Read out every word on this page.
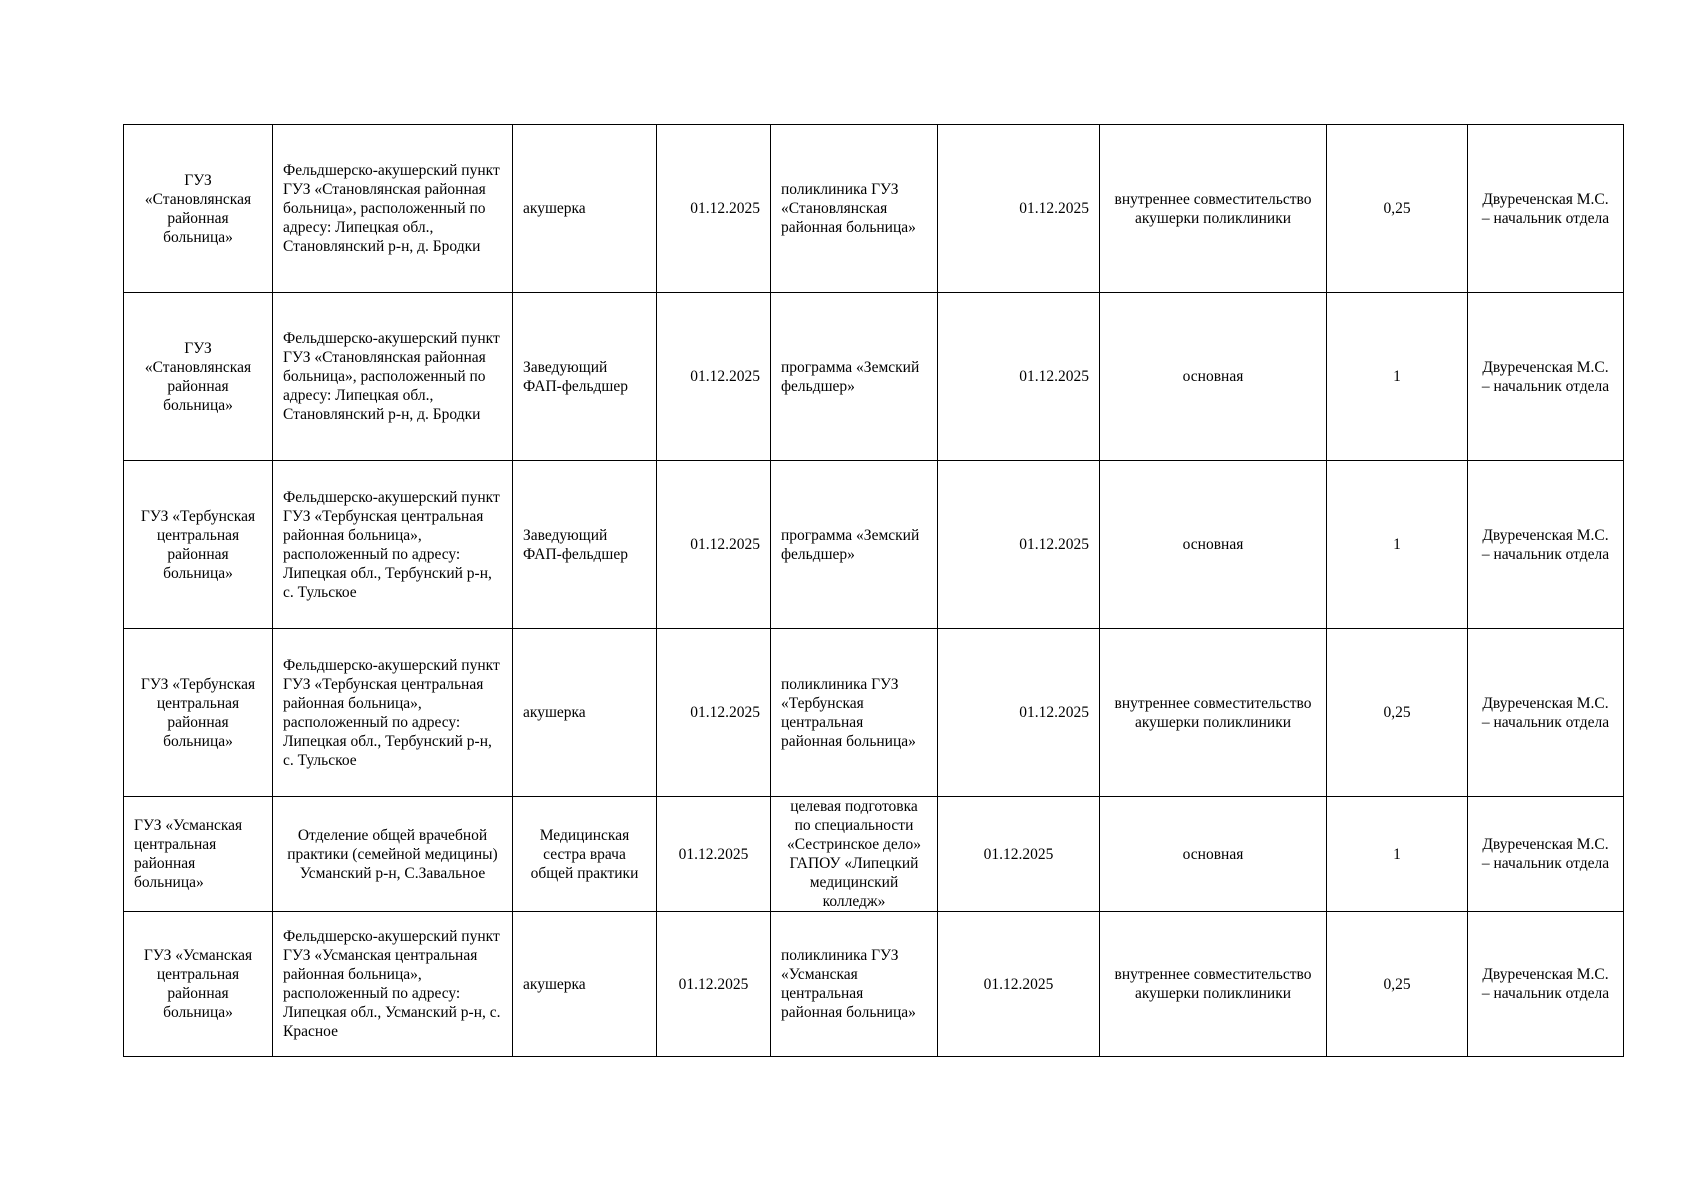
ГУЗ «Становлянская районная больница»	Фельдшерско-акушерский пункт ГУЗ «Становлянская районная больница», расположенный по адресу: Липецкая обл., Становлянский р-н, д. Бродки	акушерка	01.12.2025	поликлиника ГУЗ «Становлянская районная больница»	01.12.2025	внутреннее совместительство акушерки поликлиники	0,25	Двуреченская М.С. – начальник отдела
ГУЗ «Становлянская районная больница»	Фельдшерско-акушерский пункт ГУЗ «Становлянская районная больница», расположенный по адресу: Липецкая обл., Становлянский р-н, д. Бродки	Заведующий ФАП-фельдшер	01.12.2025	программа «Земский фельдшер»	01.12.2025	основная	1	Двуреченская М.С. – начальник отдела
ГУЗ «Тербунская центральная районная больница»	Фельдшерско-акушерский пункт ГУЗ «Тербунская центральная районная больница», расположенный по адресу: Липецкая обл., Тербунский р-н, с. Тульское	Заведующий ФАП-фельдшер	01.12.2025	программа «Земский фельдшер»	01.12.2025	основная	1	Двуреченская М.С. – начальник отдела
ГУЗ «Тербунская центральная районная больница»	Фельдшерско-акушерский пункт ГУЗ «Тербунская центральная районная больница», расположенный по адресу: Липецкая обл., Тербунский р-н, с. Тульское	акушерка	01.12.2025	поликлиника ГУЗ «Тербунская центральная районная больница»	01.12.2025	внутреннее совместительство акушерки поликлиники	0,25	Двуреченская М.С. – начальник отдела
ГУЗ «Усманская центральная районная больница»	Отделение общей врачебной практики (семейной медицины) Усманский р-н, С.Завальное	Медицинская сестра врача общей практики	01.12.2025	целевая подготовка по специальности «Сестринское дело» ГАПОУ «Липецкий медицинский колледж»	01.12.2025	основная	1	Двуреченская М.С. – начальник отдела
ГУЗ «Усманская центральная районная больница»	Фельдшерско-акушерский пункт ГУЗ «Усманская центральная районная больница», расположенный по адресу: Липецкая обл., Усманский р-н, с. Красное	акушерка	01.12.2025	поликлиника ГУЗ «Усманская центральная районная больница»	01.12.2025	внутреннее совместительство акушерки поликлиники	0,25	Двуреченская М.С. – начальник отдела
